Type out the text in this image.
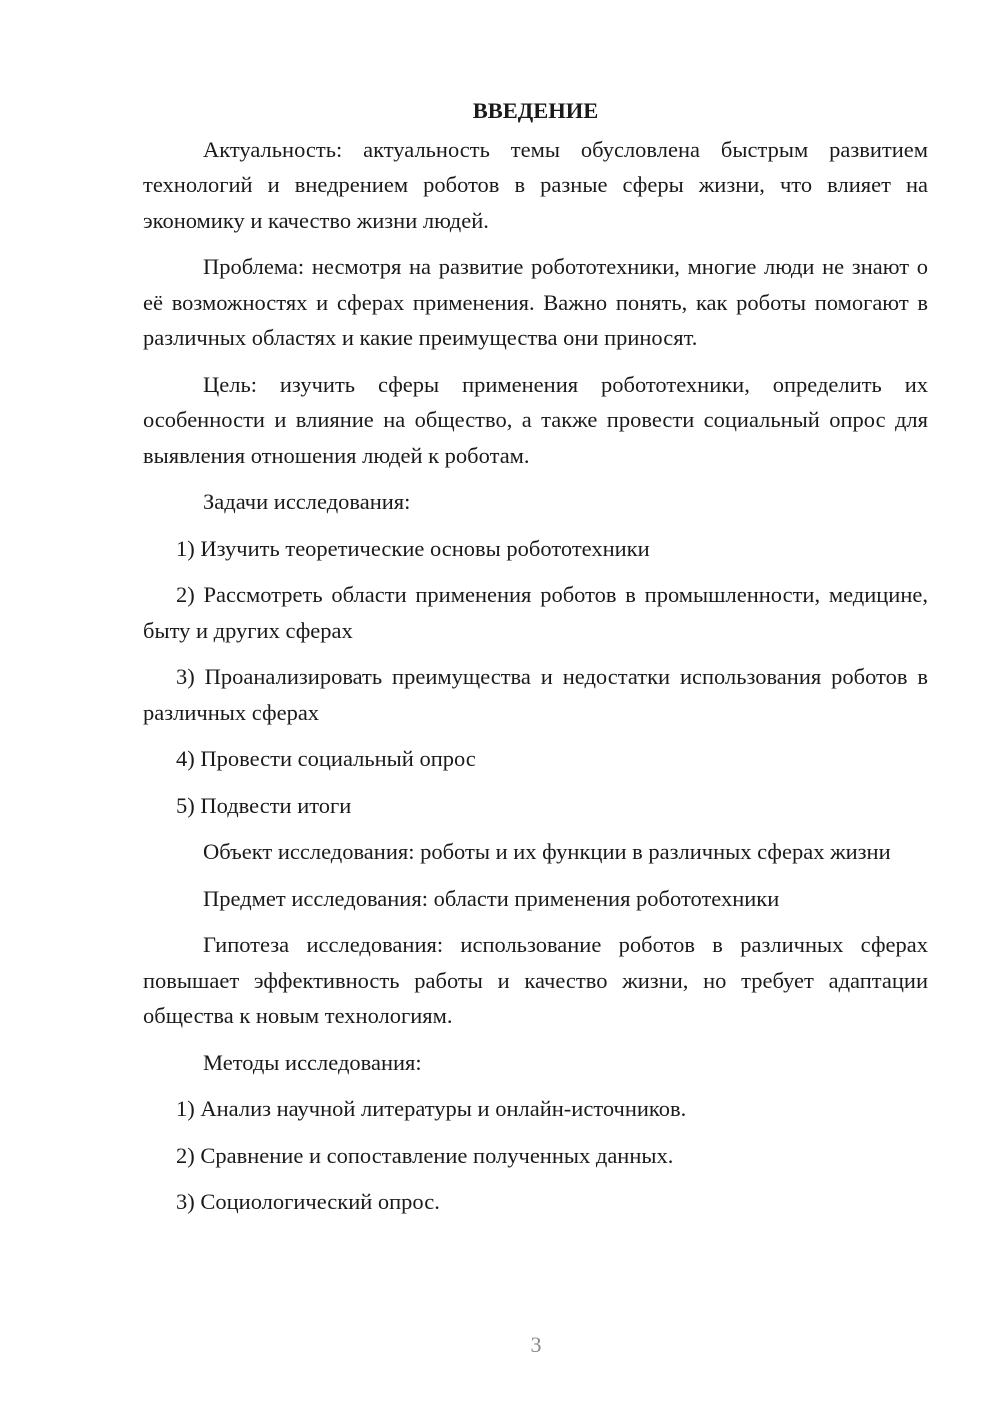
ВВЕДЕНИЕ

Актуальность: актуальность темы обусловлена быстрым развитием технологий и внедрением роботов в разные сферы жизни, что влияет на экономику и качество жизни людей.

Проблема: несмотря на развитие робототехники, многие люди не знают о её возможностях и сферах применения. Важно понять, как роботы помогают в различных областях и какие преимущества они приносят.

Цель: изучить сферы применения робототехники, определить их особенности и влияние на общество, а также провести социальный опрос для выявления отношения людей к роботам.

Задачи исследования:

1) Изучить теоретические основы робототехники

2) Рассмотреть области применения роботов в промышленности, медицине, быту и других сферах

3) Проанализировать преимущества и недостатки использования роботов в различных сферах

4) Провести социальный опрос

5) Подвести итоги

Объект исследования: роботы и их функции в различных сферах жизни

Предмет исследования: области применения робототехники

Гипотеза исследования: использование роботов в различных сферах повышает эффективность работы и качество жизни, но требует адаптации общества к новым технологиям.

Методы исследования:

1) Анализ научной литературы и онлайн-источников.

2) Сравнение и сопоставление полученных данных.

3) Социологический опрос.

3
